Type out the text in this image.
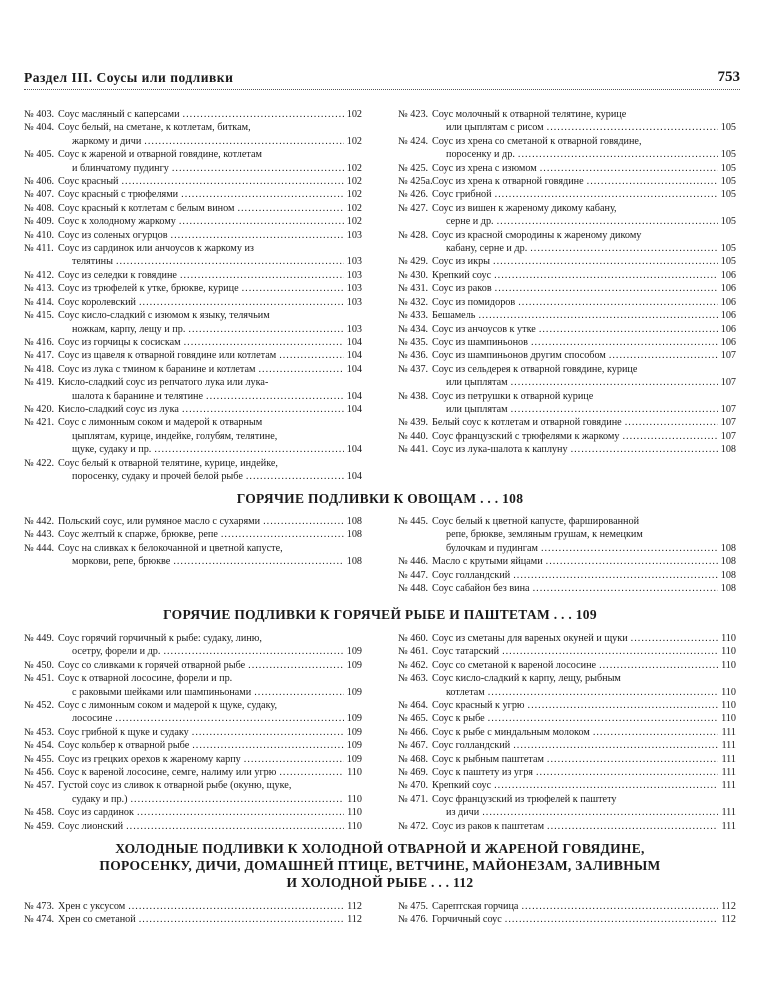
Раздел III. Соусы или подливки	753
№ 403. Соус масляный с каперсами .....	102
№ 404. Соус белый, на сметане, к котлетам, биткам,
жаркому и дичи .....	102
№ 405. Соус к жареной и отварной говядине, котлетам
и блинчатому пудингу .....	102
№ 406. Соус красный .....	102
№ 407. Соус красный с трюфелями .....	102
№ 408. Соус красный к котлетам с белым вином .....	102
№ 409. Соус к холодному жаркому .....	102
№ 410. Соус из соленых огурцов .....	103
№ 411. Соус из сардинок или анчоусов к жаркому из
телятины .....	103
№ 412. Соус из селедки к говядине .....	103
№ 413. Соус из трюфелей к утке, брюкве, курице .....	103
№ 414. Соус королевский .....	103
№ 415. Соус кисло-сладкий с изюмом к языку, телячьим
ножкам, карпу, лещу и пр. .....	103
№ 416. Соус из горчицы к сосискам .....	104
№ 417. Соус из щавеля к отварной говядине или котлетам .....	104
№ 418. Соус из лука с тмином к баранине и котлетам .....	104
№ 419. Кисло-сладкий соус из репчатого лука или лука-
шалота к баранине и телятине .....	104
№ 420. Кисло-сладкий соус из лука .....	104
№ 421. Соус с лимонным соком и мадерой к отварным
цыплятам, курице, индейке, голубям, телятине,
щуке, судаку и пр. .....	104
№ 422. Соус белый к отварной телятине, курице, индейке,
поросенку, судаку и прочей белой рыбе .....	104
№ 423. Соус молочный к отварной телятине, курице
или цыплятам с рисом .....	105
№ 424. Соус из хрена со сметаной к отварной говядине,
поросенку и др. .....	105
№ 425. Соус из хрена с изюмом .....	105
№ 425а. Соус из хрена к отварной говядине .....	105
№ 426. Соус грибной .....	105
№ 427. Соус из вишен к жареному дикому кабану,
серне и др. .....	105
№ 428. Соус из красной смородины к жареному дикому
кабану, серне и др. .....	105
№ 429. Соус из икры .....	105
№ 430. Крепкий соус .....	106
№ 431. Соус из раков .....	106
№ 432. Соус из помидоров .....	106
№ 433. Бешамель .....	106
№ 434. Соус из анчоусов к утке .....	106
№ 435. Соус из шампиньонов .....	106
№ 436. Соус из шампиньонов другим способом .....	107
№ 437. Соус из сельдерея к отварной говядине, курице
или цыплятам .....	107
№ 438. Соус из петрушки к отварной курице
или цыплятам .....	107
№ 439. Белый соус к котлетам и отварной говядине .....	107
№ 440. Соус французский с трюфелями к жаркому .....	107
№ 441. Соус из лука-шалота к каплуну .....	108
ГОРЯЧИЕ ПОДЛИВКИ К ОВОЩАМ . . . 108
№ 442. Польский соус, или румяное масло с сухарями .....	108
№ 443. Соус желтый к спарже, брюкве, репе .....	108
№ 444. Соус на сливках к белокочанной и цветной капусте,
моркови, репе, брюкве .....	108
№ 445. Соус белый к цветной капусте, фаршированной
репе, брюкве, земляным грушам, к немецким
булочкам и пудингам .....	108
№ 446. Масло с крутыми яйцами .....	108
№ 447. Соус голландский .....	108
№ 448. Соус сабайон без вина .....	108
ГОРЯЧИЕ ПОДЛИВКИ К ГОРЯЧЕЙ РЫБЕ И ПАШТЕТАМ . . . 109
№ 449. Соус горячий горчичный к рыбе: судаку, линю,
осетру, форели и др. .....	109
№ 450. Соус со сливками к горячей отварной рыбе .....	109
№ 451. Соус к отварной лососине, форели и пр.
с раковыми шейками или шампиньонами .....	109
№ 452. Соус с лимонным соком и мадерой к щуке, судаку,
лососине .....	109
№ 453. Соус грибной к щуке и судаку .....	109
№ 454. Соус кольбер к отварной рыбе .....	109
№ 455. Соус из грецких орехов к жареному карпу .....	109
№ 456. Соус к вареной лососине, семге, налиму или угрю .....	110
№ 457. Густой соус из сливок к отварной рыбе (окуню, щуке,
судаку и пр.) .....	110
№ 458. Соус из сардинок .....	110
№ 459. Соус лионский .....	110
№ 460. Соус из сметаны для вареных окуней и щуки .....	110
№ 461. Соус татарский .....	110
№ 462. Соус со сметаной к вареной лососине .....	110
№ 463. Соус кисло-сладкий к карпу, лещу, рыбным
котлетам .....	110
№ 464. Соус красный к угрю .....	110
№ 465. Соус к рыбе .....	110
№ 466. Соус к рыбе с миндальным молоком .....	111
№ 467. Соус голландский .....	111
№ 468. Соус к рыбным паштетам .....	111
№ 469. Соус к паштету из угря .....	111
№ 470. Крепкий соус .....	111
№ 471. Соус французский из трюфелей к паштету
из дичи .....	111
№ 472. Соус из раков к паштетам .....	111
ХОЛОДНЫЕ ПОДЛИВКИ К ХОЛОДНОЙ ОТВАРНОЙ И ЖАРЕНОЙ ГОВЯДИНЕ,
ПОРОСЕНКУ, ДИЧИ, ДОМАШНЕЙ ПТИЦЕ, ВЕТЧИНЕ, МАЙОНЕЗАМ, ЗАЛИВНЫМ
И ХОЛОДНОЙ РЫБЕ . . . 112
№ 473. Хрен с уксусом .....	112
№ 474. Хрен со сметаной .....	112
№ 475. Сарептская горчица .....	112
№ 476. Горчичный соус .....	112
